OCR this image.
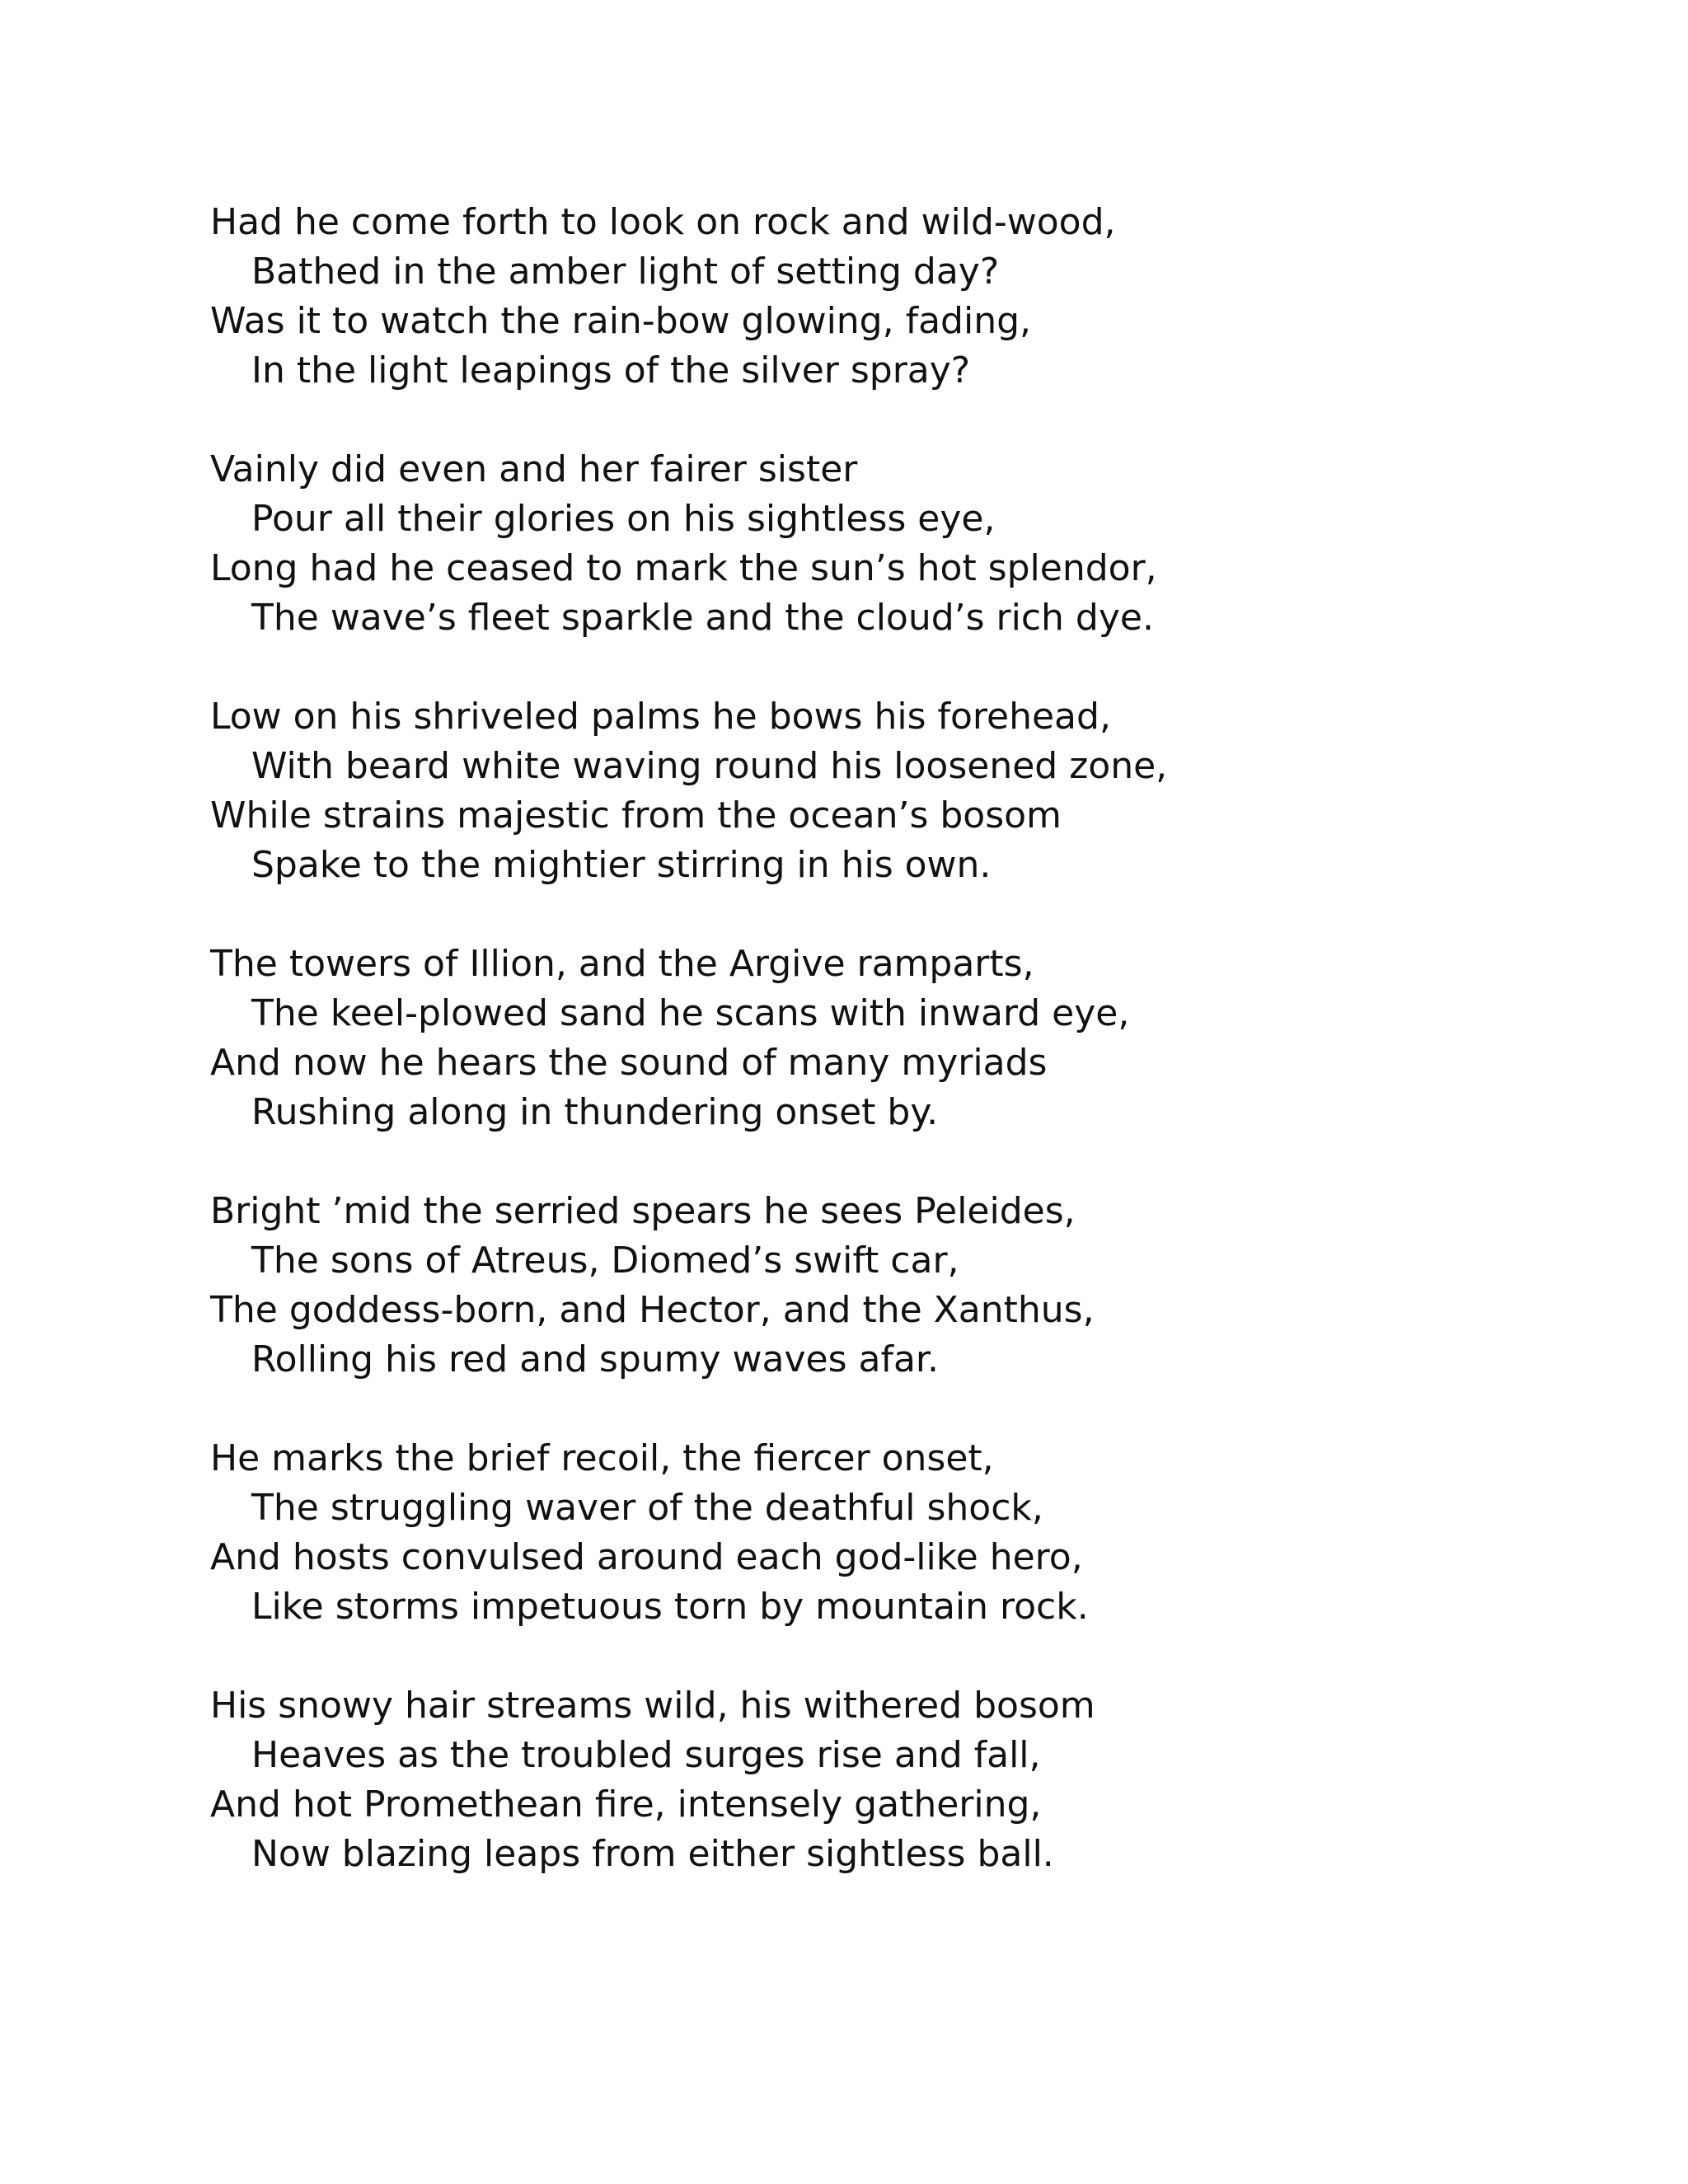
Had he come forth to look on rock and wild-wood,
Bathed in the amber light of setting day?
Was it to watch the rain-bow glowing, fading,
In the light leapings of the silver spray?
Vainly did even and her fairer sister
Pour all their glories on his sightless eye,
Long had he ceased to mark the sun’s hot splendor,
The wave’s fleet sparkle and the cloud’s rich dye.
Low on his shriveled palms he bows his forehead,
With beard white waving round his loosened zone,
While strains majestic from the ocean’s bosom
Spake to the mightier stirring in his own.
The towers of Illion, and the Argive ramparts,
The keel-plowed sand he scans with inward eye,
And now he hears the sound of many myriads
Rushing along in thundering onset by.
Bright ’mid the serried spears he sees Peleides,
The sons of Atreus, Diomed’s swift car,
The goddess-born, and Hector, and the Xanthus,
Rolling his red and spumy waves afar.
He marks the brief recoil, the fiercer onset,
The struggling waver of the deathful shock,
And hosts convulsed around each god-like hero,
Like storms impetuous torn by mountain rock.
His snowy hair streams wild, his withered bosom
Heaves as the troubled surges rise and fall,
And hot Promethean fire, intensely gathering,
Now blazing leaps from either sightless ball.
